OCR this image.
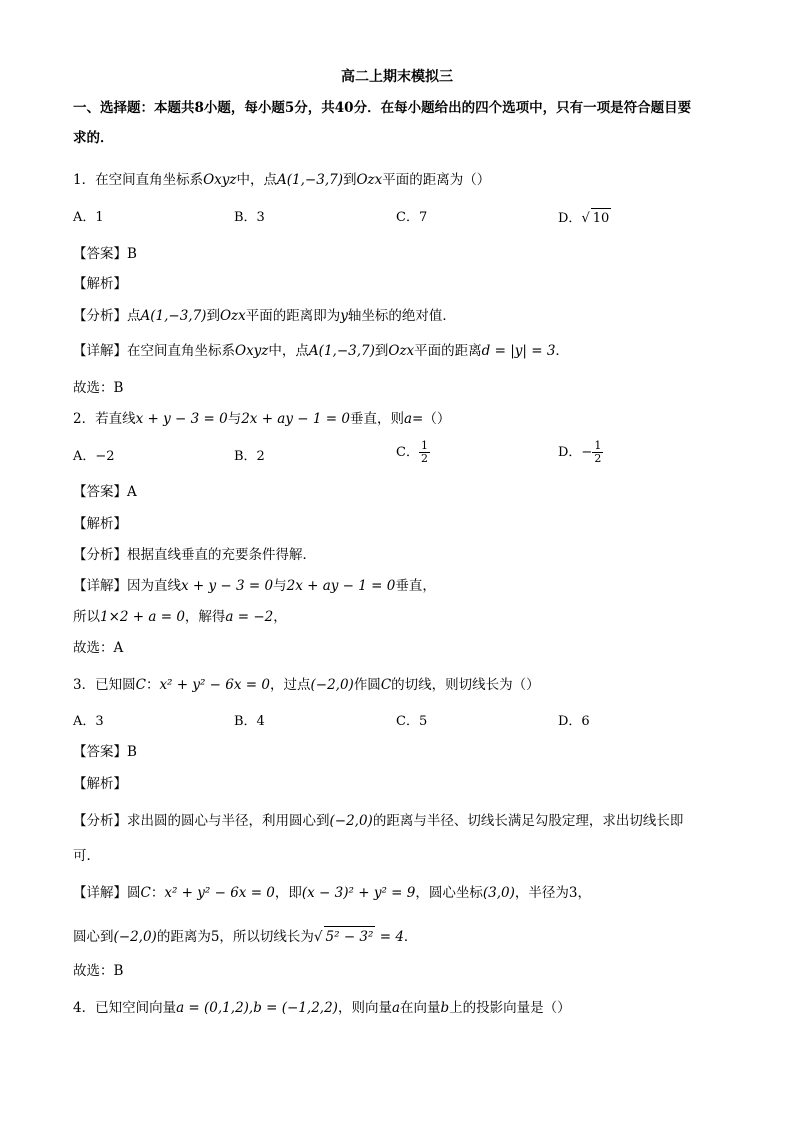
高二上期末模拟三
一、选择题：本题共8小题，每小题5分，共40分．在每小题给出的四个选项中，只有一项是符合题目要
求的．
1．在空间直角坐标系Oxyz中，点A(1,−3,7)到Ozx平面的距离为（）
A．1	B．3	C．7	D．√ 10
【答案】B
【解析】
【分析】点A(1,−3,7)到Ozx平面的距离即为y轴坐标的绝对值．
【详解】在空间直角坐标系Oxyz中，点A(1,−3,7)到Ozx平面的距离d = |y| = 3．
故选：B
2．若直线x + y − 3 = 0与2x + ay − 1 = 0垂直，则a=（）
A．−2	B．2	C． $\frac{1}{2}$	D．− $\frac{1}{2}$
【答案】A
【解析】
【分析】根据直线垂直的充要条件得解．
【详解】因为直线x + y − 3 = 0与2x + ay − 1 = 0垂直，
所以1×2 + a = 0，解得a = −2，
故选：A
3．已知圆C：x² + y² − 6x = 0，过点(−2,0)作圆C的切线，则切线长为（）
A．3	B．4	C．5	D．6
【答案】B
【解析】
【分析】求出圆的圆心与半径，利用圆心到(−2,0)的距离与半径、切线长满足勾股定理，求出切线长即
可．
【详解】圆C：x² + y² − 6x = 0，即(x − 3)² + y² = 9，圆心坐标(3,0)，半径为3，
圆心到(−2,0)的距离为5，所以切线长为√ 5² − 3² = 4．
故选：B
4．已知空间向量a = (0,1,2),b = (−1,2,2)，则向量a在向量b上的投影向量是（）
